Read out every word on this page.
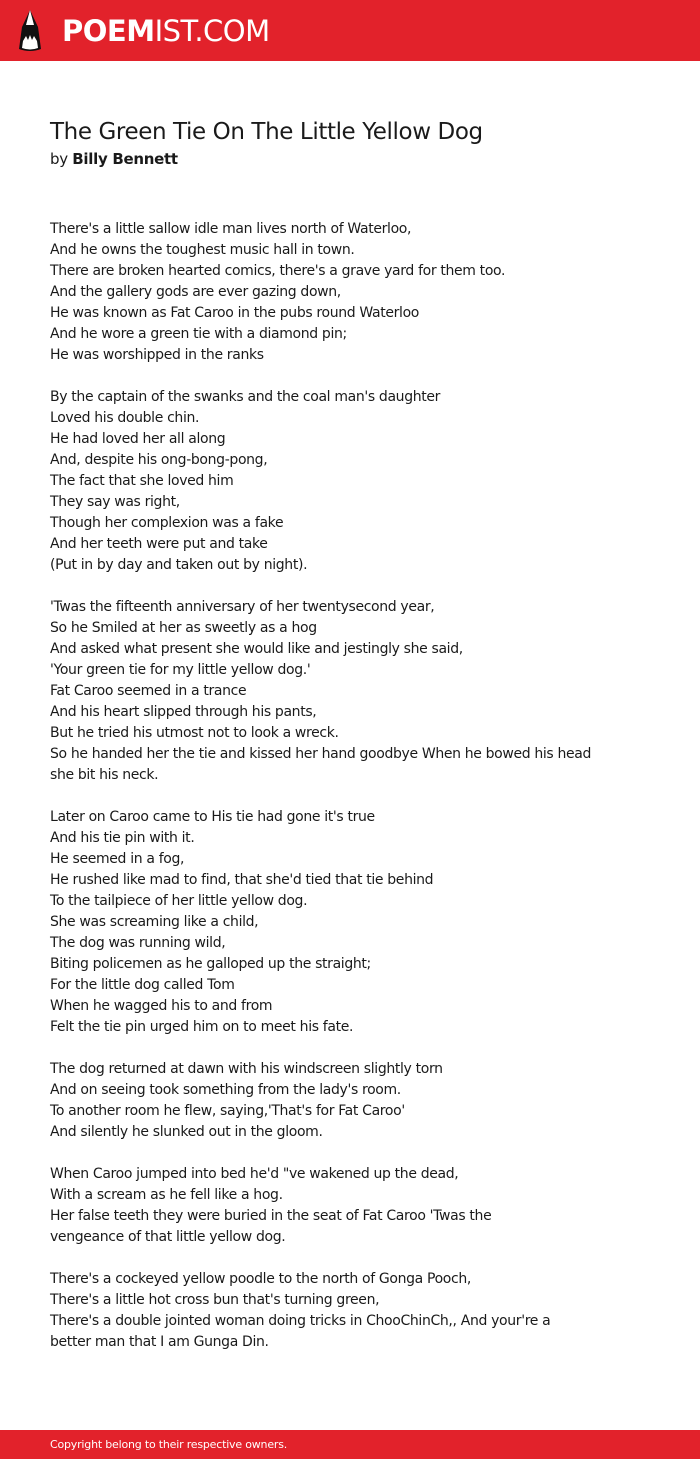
POEMIST.COM
The Green Tie On The Little Yellow Dog
by Billy Bennett
There's a little sallow idle man lives north of Waterloo,
And he owns the toughest music hall in town.
There are broken hearted comics, there's a grave yard for them too.
And the gallery gods are ever gazing down,
He was known as Fat Caroo in the pubs round Waterloo
And he wore a green tie with a diamond pin;
He was worshipped in the ranks
By the captain of the swanks and the coal man's daughter
Loved his double chin.
He had loved her all along
And, despite his ong-bong-pong,
The fact that she loved him
They say was right,
Though her complexion was a fake
And her teeth were put and take
(Put in by day and taken out by night).
'Twas the fifteenth anniversary of her twentysecond year,
So he Smiled at her as sweetly as a hog
And asked what present she would like and jestingly she said,
'Your green tie for my little yellow dog.'
Fat Caroo seemed in a trance
And his heart slipped through his pants,
But he tried his utmost not to look a wreck.
So he handed her the tie and kissed her hand goodbye When he bowed his head
she bit his neck.
Later on Caroo came to His tie had gone it's true
And his tie pin with it.
He seemed in a fog,
He rushed like mad to find, that she'd tied that tie behind
To the tailpiece of her little yellow dog.
She was screaming like a child,
The dog was running wild,
Biting policemen as he galloped up the straight;
For the little dog called Tom
When he wagged his to and from
Felt the tie pin urged him on to meet his fate.
The dog returned at dawn with his windscreen slightly torn
And on seeing took something from the lady's room.
To another room he flew, saying,'That's for Fat Caroo'
And silently he slunked out in the gloom.
When Caroo jumped into bed he'd "ve wakened up the dead,
With a scream as he fell like a hog.
Her false teeth they were buried in the seat of Fat Caroo 'Twas the
vengeance of that little yellow dog.
There's a cockeyed yellow poodle to the north of Gonga Pooch,
There's a little hot cross bun that's turning green,
There's a double jointed woman doing tricks in ChooChinCh,, And your're a
better man that I am Gunga Din.
Copyright belong to their respective owners.
